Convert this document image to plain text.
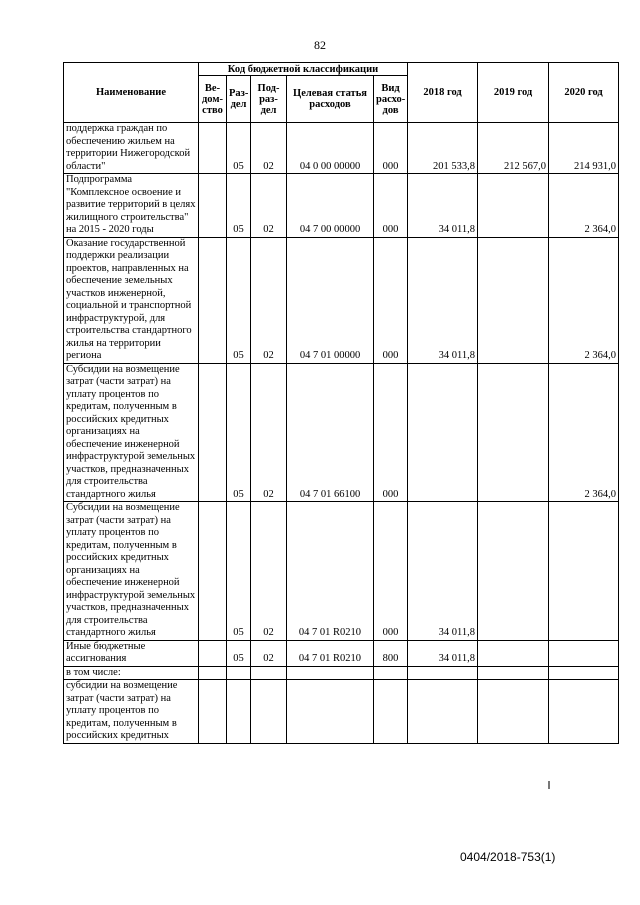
82
Наименование	Код бюджетной классификации					2018 год	2019 год	2020 год
	Ве-дом-ство	Раз-дел	Под-раз-дел	Целевая статья расходов	Вид расхо-дов			
поддержка граждан по обеспечению жильем на территории Нижегородской области"		05	02	04 0 00 00000	000	201 533,8	212 567,0	214 931,0
Подпрограмма "Комплексное освоение и развитие территорий в целях жилищного строительства" на 2015 - 2020 годы		05	02	04 7 00 00000	000	34 011,8		2 364,0
Оказание государственной поддержки реализации проектов, направленных на обеспечение земельных участков инженерной, социальной и транспортной инфраструктурой, для строительства стандартного жилья на территории региона		05	02	04 7 01 00000	000	34 011,8		2 364,0
Субсидии на возмещение затрат (части затрат) на уплату процентов по кредитам, полученным в российских кредитных организациях на обеспечение инженерной инфраструктурой земельных участков, предназначенных для строительства стандартного жилья		05	02	04 7 01 66100	000			2 364,0
Субсидии на возмещение затрат (части затрат) на уплату процентов по кредитам, полученным в российских кредитных организациях на обеспечение инженерной инфраструктурой земельных участков, предназначенных для строительства стандартного жилья		05	02	04 7 01 R0210	000	34 011,8		
Иные бюджетные ассигнования		05	02	04 7 01 R0210	800	34 011,8		
в том числе:								
субсидии на возмещение затрат (части затрат) на уплату процентов по кредитам, полученным в российских кредитных								
0404/2018-753(1)
